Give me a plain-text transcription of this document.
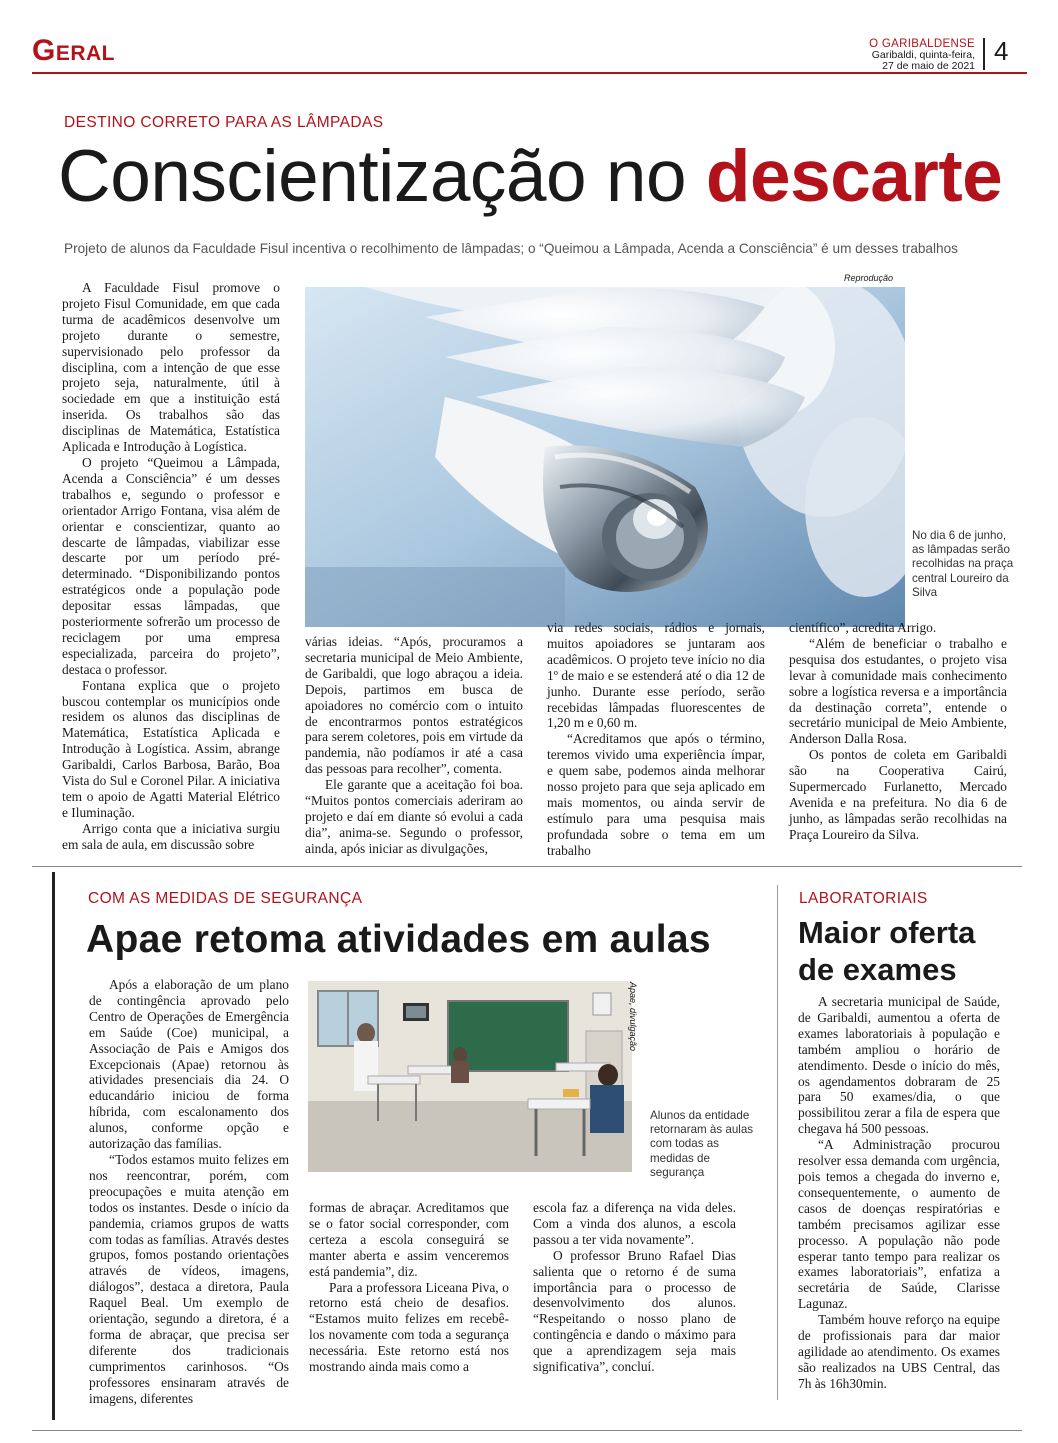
Geral	O GARIBALDENSE
Garibaldi, quinta-feira,
27 de maio de 2021 4
DESTINO CORRETO PARA AS LÂMPADAS
Conscientização no descarte
Projeto de alunos da Faculdade Fisul incentiva o recolhimento de lâmpadas; o “Queimou a Lâmpada, Acenda a Consciência” é um desses trabalhos
Reprodução
No dia 6 de junho, as lâmpadas serão recolhidas na praça central Loureiro da Silva

A Faculdade Fisul promove o projeto Fisul Comunidade, em que cada turma de acadêmicos desenvolve um projeto durante o semestre, supervisionado pelo professor da disciplina, com a intenção de que esse projeto seja, naturalmente, útil à sociedade em que a instituição está inserida. Os trabalhos são das disciplinas de Matemática, Estatística Aplicada e Introdução à Logística.

O projeto “Queimou a Lâmpada, Acenda a Consciência” é um desses trabalhos e, segundo o professor e orientador Arrigo Fontana, visa além de orientar e conscientizar, quanto ao descarte de lâmpadas, viabilizar esse descarte por um período pré-determinado. “Disponibilizando pontos estratégicos onde a população pode depositar essas lâmpadas, que posteriormente sofrerão um processo de reciclagem por uma empresa especializada, parceira do projeto”, destaca o professor.

Fontana explica que o projeto buscou contemplar os municípios onde residem os alunos das disciplinas de Matemática, Estatística Aplicada e Introdução à Logística. Assim, abrange Garibaldi, Carlos Barbosa, Barão, Boa Vista do Sul e Coronel Pilar. A iniciativa tem o apoio de Agatti Material Elétrico e Iluminação.

Arrigo conta que a iniciativa surgiu em sala de aula, em discussão sobre

várias ideias. “Após, procuramos a secretaria municipal de Meio Ambiente, de Garibaldi, que logo abraçou a ideia. Depois, partimos em busca de apoiadores no comércio com o intuito de encontrarmos pontos estratégicos para serem coletores, pois em virtude da pandemia, não podíamos ir até a casa das pessoas para recolher”, comenta.

Ele garante que a aceitação foi boa. “Muitos pontos comerciais aderiram ao projeto e daí em diante só evolui a cada dia”, anima-se. Segundo o professor, ainda, após iniciar as divulgações,

via redes sociais, rádios e jornais, muitos apoiadores se juntaram aos acadêmicos. O projeto teve início no dia 1º de maio e se estenderá até o dia 12 de junho. Durante esse período, serão recebidas lâmpadas fluorescentes de 1,20 m e 0,60 m.

“Acreditamos que após o término, teremos vivido uma experiência ímpar, e quem sabe, podemos ainda melhorar nosso projeto para que seja aplicado em mais momentos, ou ainda servir de estímulo para uma pesquisa mais profundada sobre o tema em um trabalho

científico”, acredita Arrigo.

“Além de beneficiar o trabalho e pesquisa dos estudantes, o projeto visa levar à comunidade mais conhecimento sobre a logística reversa e a importância da destinação correta”, entende o secretário municipal de Meio Ambiente, Anderson Dalla Rosa.

Os pontos de coleta em Garibaldi são na Cooperativa Cairú, Supermercado Furlanetto, Mercado Avenida e na prefeitura. No dia 6 de junho, as lâmpadas serão recolhidas na Praça Loureiro da Silva.

COM AS MEDIDAS DE SEGURANÇA
Apae retoma atividades em aulas
Apae, divulgação
Alunos da entidade retornaram às aulas com todas as medidas de segurança

Após a elaboração de um plano de contingência aprovado pelo Centro de Operações de Emergência em Saúde (Coe) municipal, a Associação de Pais e Amigos dos Excepcionais (Apae) retornou às atividades presenciais dia 24. O educandário iniciou de forma híbrida, com escalonamento dos alunos, conforme opção e autorização das famílias.

“Todos estamos muito felizes em nos reencontrar, porém, com preocupações e muita atenção em todos os instantes. Desde o início da pandemia, criamos grupos de watts com todas as famílias. Através destes grupos, fomos postando orientações através de vídeos, imagens, diálogos”, destaca a diretora, Paula Raquel Beal. Um exemplo de orientação, segundo a diretora, é a forma de abraçar, que precisa ser diferente dos tradicionais cumprimentos carinhosos. “Os professores ensinaram através de imagens, diferentes

formas de abraçar. Acreditamos que se o fator social corresponder, com certeza a escola conseguirá se manter aberta e assim venceremos está pandemia”, diz.

Para a professora Liceana Piva, o retorno está cheio de desafios. “Estamos muito felizes em recebê-los novamente com toda a segurança necessária. Este retorno está nos mostrando ainda mais como a

escola faz a diferença na vida deles. Com a vinda dos alunos, a escola passou a ter vida novamente”.

O professor Bruno Rafael Dias salienta que o retorno é de suma importância para o processo de desenvolvimento dos alunos. “Respeitando o nosso plano de contingência e dando o máximo para que a aprendizagem seja mais significativa”, concluí.

LABORATORIAIS
Maior oferta
de exames

A secretaria municipal de Saúde, de Garibaldi, aumentou a oferta de exames laboratoriais à população e também ampliou o horário de atendimento. Desde o início do mês, os agendamentos dobraram de 25 para 50 exames/dia, o que possibilitou zerar a fila de espera que chegava há 500 pessoas.

“A Administração procurou resolver essa demanda com urgência, pois temos a chegada do inverno e, consequentemente, o aumento de casos de doenças respiratórias e também precisamos agilizar esse processo. A população não pode esperar tanto tempo para realizar os exames laboratoriais”, enfatiza a secretária de Saúde, Clarisse Lagunaz.

Também houve reforço na equipe de profissionais para dar maior agilidade ao atendimento. Os exames são realizados na UBS Central, das 7h às 16h30min.
